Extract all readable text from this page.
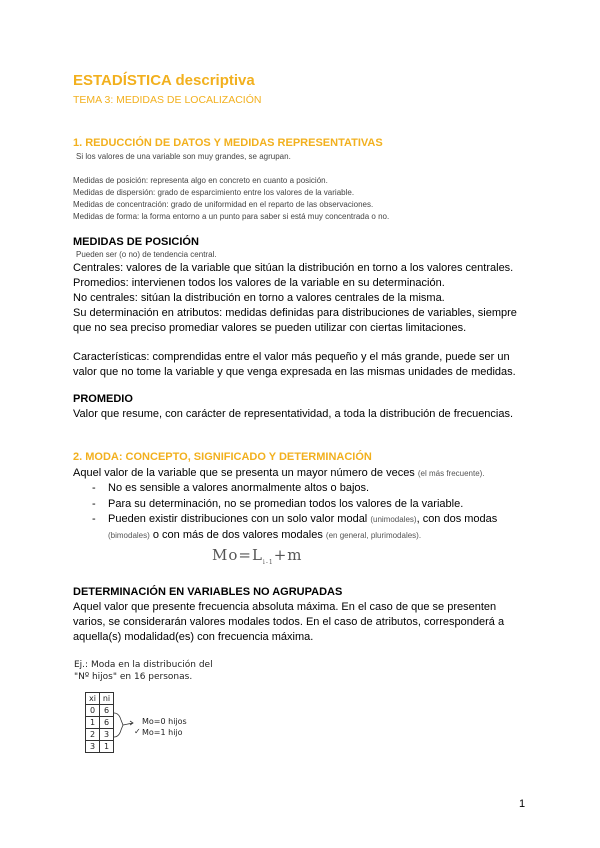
ESTADÍSTICA descriptiva
TEMA 3: MEDIDAS DE LOCALIZACIÓN
1. REDUCCIÓN DE DATOS Y MEDIDAS REPRESENTATIVAS
Si los valores de una variable son muy grandes, se agrupan.
Medidas de posición: representa algo en concreto en cuanto a posición.
Medidas de dispersión: grado de esparcimiento entre los valores de la variable.
Medidas de concentración: grado de uniformidad en el reparto de las observaciones.
Medidas de forma: la forma entorno a un punto para saber si está muy concentrada o no.
MEDIDAS DE POSICIÓN
Pueden ser (o no) de tendencia central.
Centrales: valores de la variable que sitúan la distribución en torno a los valores centrales.
Promedios: intervienen todos los valores de la variable en su determinación.
No centrales: sitúan la distribución en torno a valores centrales de la misma.
Su determinación en atributos: medidas definidas para distribuciones de variables, siempre
que no sea preciso promediar valores se pueden utilizar con ciertas limitaciones.
Características: comprendidas entre el valor más pequeño y el más grande, puede ser un
valor que no tome la variable y que venga expresada en las mismas unidades de medidas.
PROMEDIO
Valor que resume, con carácter de representatividad, a toda la distribución de frecuencias.
2. MODA: CONCEPTO, SIGNIFICADO Y DETERMINACIÓN
Aquel valor de la variable que se presenta un mayor número de veces (el más frecuente).
- No es sensible a valores anormalmente altos o bajos.
- Para su determinación, no se promedian todos los valores de la variable.
- Pueden existir distribuciones con un solo valor modal (unimodales), con dos modas
(bimodales) o con más de dos valores modales (en general, plurimodales).
$Mo=L_{i-1}+m$
DETERMINACIÓN EN VARIABLES NO AGRUPADAS
Aquel valor que presente frecuencia absoluta máxima. En el caso de que se presenten
varios, se considerarán valores modales todos. En el caso de atributos, corresponderá a
aquella(s) modalidad(es) con frecuencia máxima.
Ej.: Moda en la distribución del
"Nº hijos" en 16 personas.
xi	ni
0	6
1	6
2	3
3	1
Mo=0 hijos
✓ Mo=1 hijo
1
